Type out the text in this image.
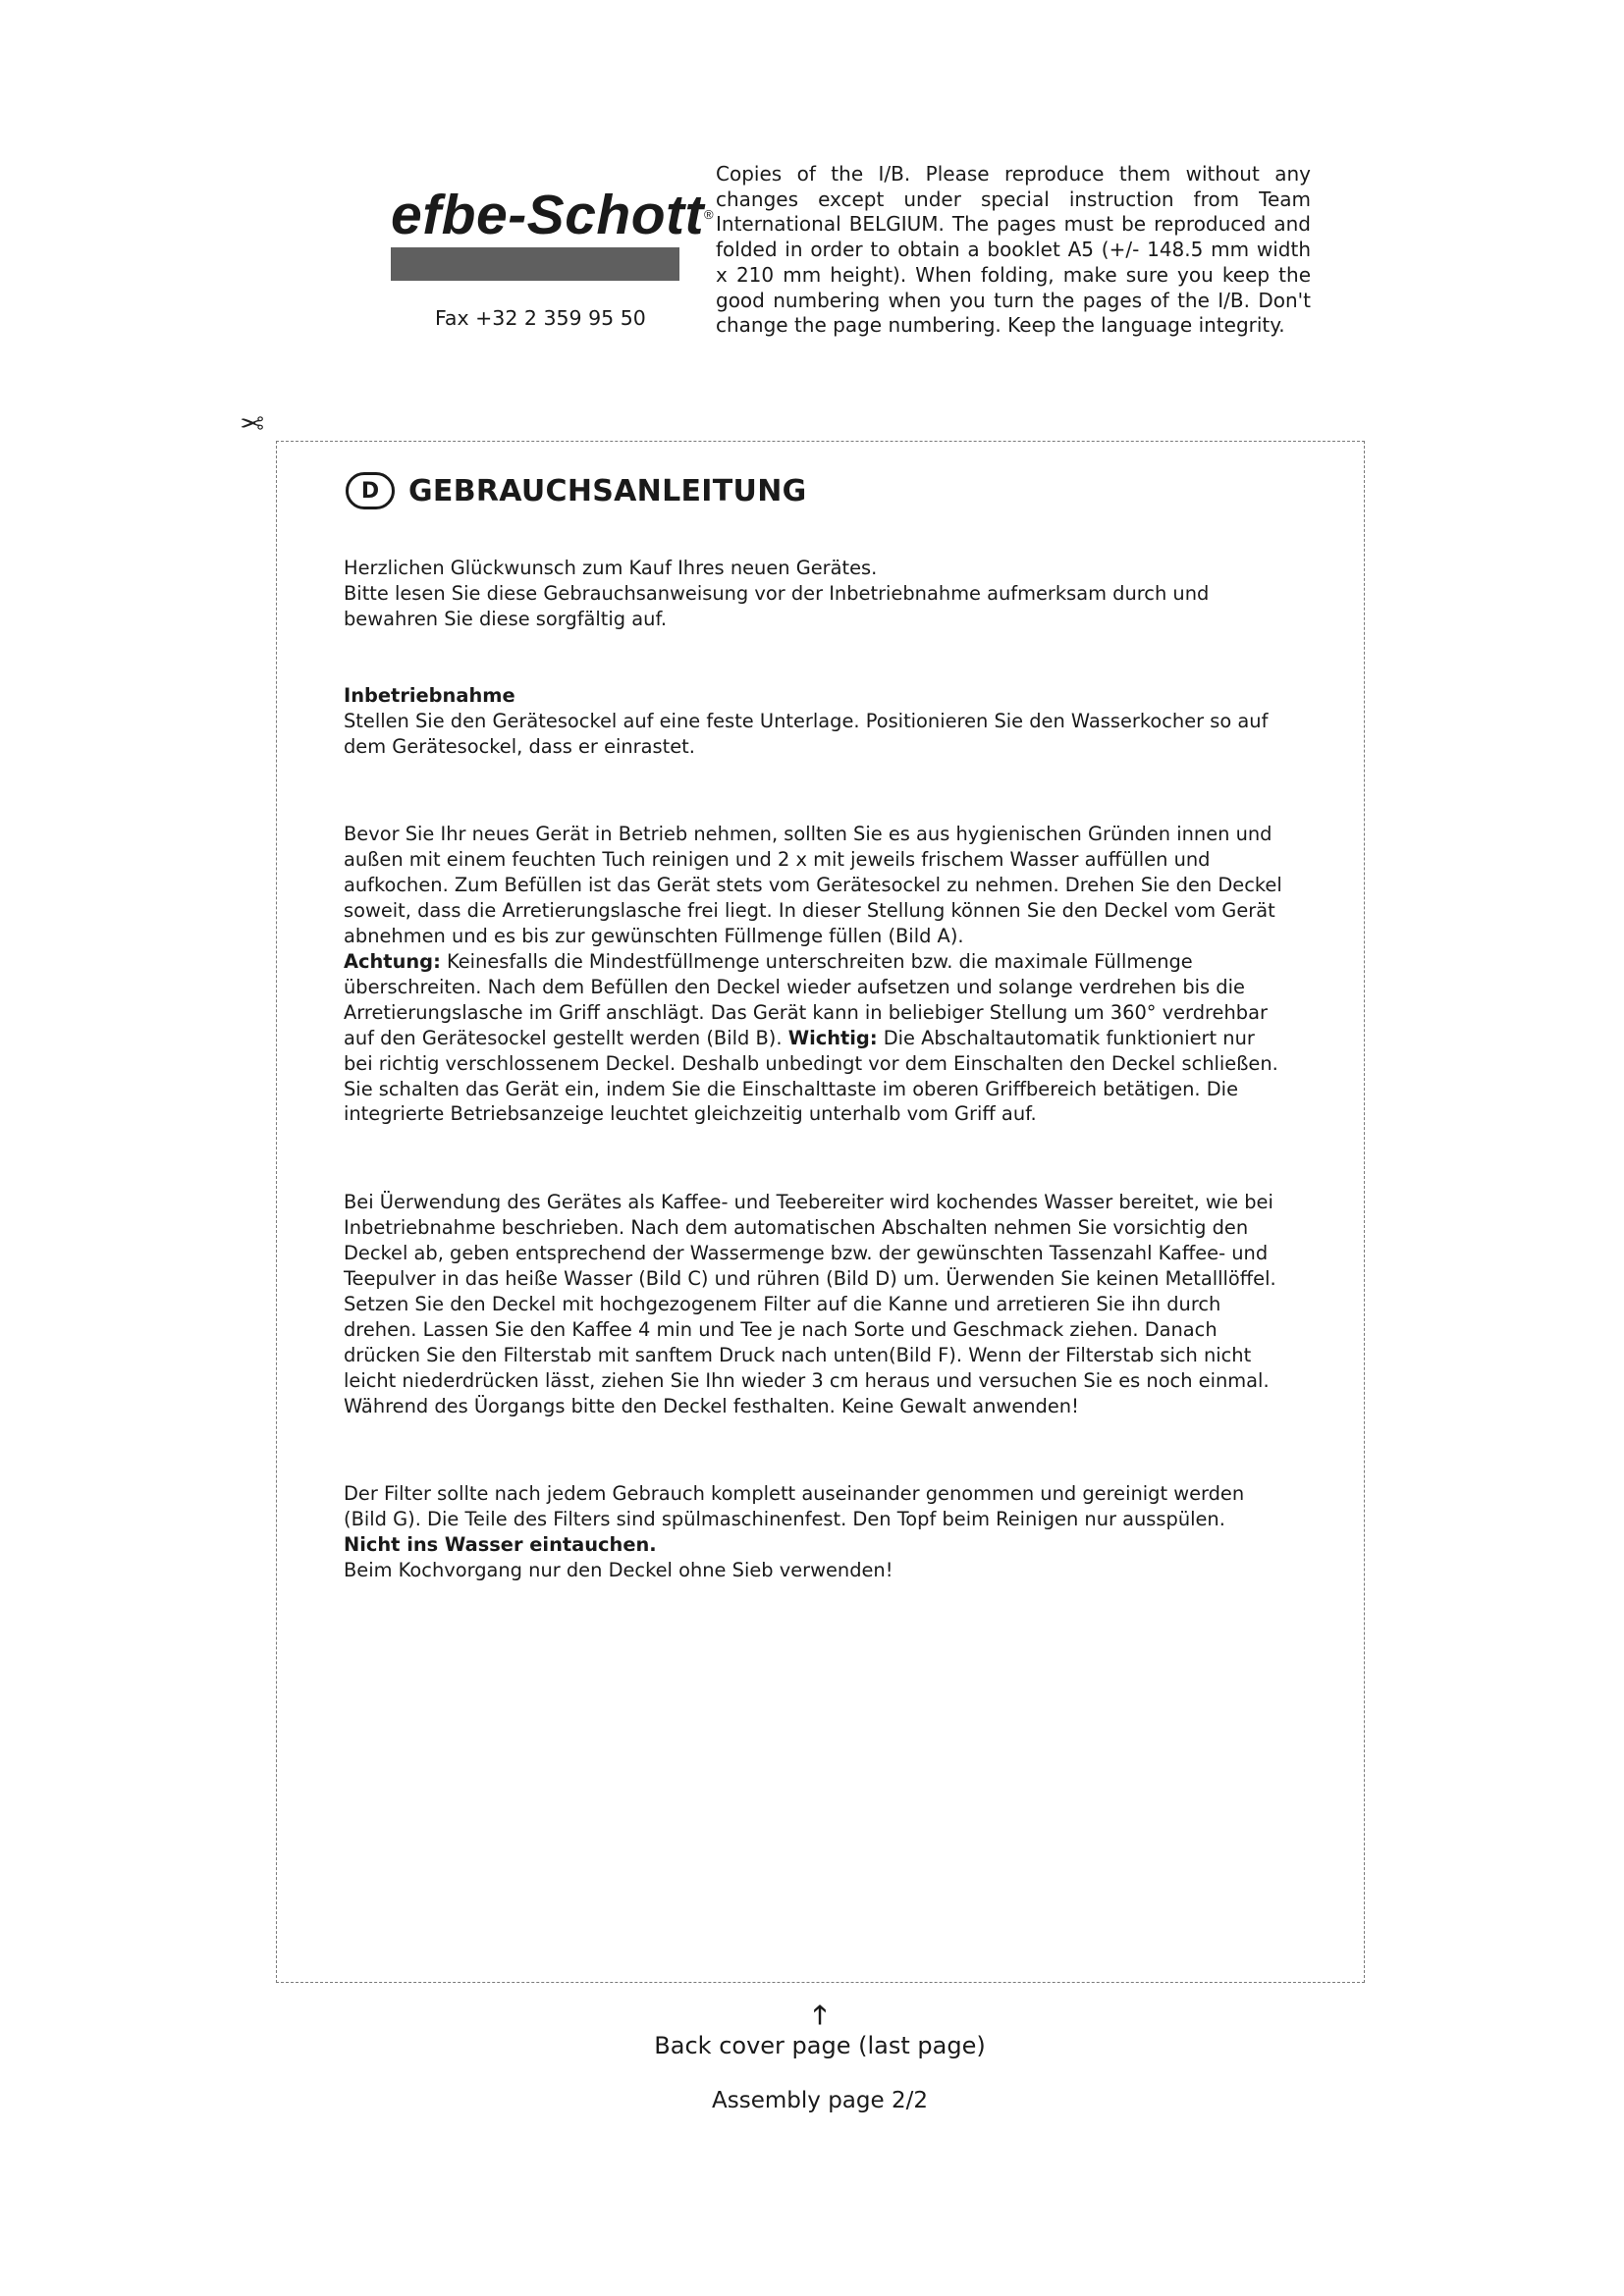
efbe-Schott®
Fax +32 2 359 95 50

Copies of the I/B. Please reproduce them without any changes except under special instruction from Team International BELGIUM. The pages must be reproduced and folded in order to obtain a booklet A5 (+/- 148.5 mm width x 210 mm height). When folding, make sure you keep the good numbering when you turn the pages of the I/B. Don't change the page numbering. Keep the language integrity.

✂
D GEBRAUCHSANLEITUNG

Herzlichen Glückwunsch zum Kauf Ihres neuen Gerätes.

Bitte lesen Sie diese Gebrauchsanweisung vor der Inbetriebnahme aufmerksam durch und bewahren Sie diese sorgfältig auf.

Inbetriebnahme

Stellen Sie den Gerätesockel auf eine feste Unterlage. Positionieren Sie den Wasserkocher so auf dem Gerätesockel, dass er einrastet.

Bevor Sie Ihr neues Gerät in Betrieb nehmen, sollten Sie es aus hygienischen Gründen innen und außen mit einem feuchten Tuch reinigen und 2 x mit jeweils frischem Wasser auffüllen und aufkochen. Zum Befüllen ist das Gerät stets vom Gerätesockel zu nehmen. Drehen Sie den Deckel soweit, dass die Arretierungslasche frei liegt. In dieser Stellung können Sie den Deckel vom Gerät abnehmen und es bis zur gewünschten Füllmenge füllen (Bild A).

Achtung: Keinesfalls die Mindestfüllmenge unterschreiten bzw. die maximale Füllmenge überschreiten. Nach dem Befüllen den Deckel wieder aufsetzen und solange verdrehen bis die Arretierungslasche im Griff anschlägt. Das Gerät kann in beliebiger Stellung um 360° verdrehbar auf den Gerätesockel gestellt werden (Bild B). Wichtig: Die Abschaltautomatik funktioniert nur bei richtig verschlossenem Deckel. Deshalb unbedingt vor dem Einschalten den Deckel schließen. Sie schalten das Gerät ein, indem Sie die Einschalttaste im oberen Griffbereich betätigen. Die

integrierte Betriebsanzeige leuchtet gleichzeitig unterhalb vom Griff auf.

Bei Üerwendung des Gerätes als Kaffee- und Teebereiter wird kochendes Wasser bereitet, wie bei Inbetriebnahme beschrieben. Nach dem automatischen Abschalten nehmen Sie vorsichtig den Deckel ab, geben entsprechend der Wassermenge bzw. der gewünschten Tassenzahl Kaffee- und Teepulver in das heiße Wasser (Bild C) und rühren (Bild D) um. Üerwenden Sie keinen Metalllöffel. Setzen Sie den Deckel mit hochgezogenem Filter auf die Kanne und arretieren Sie ihn durch drehen. Lassen Sie den Kaffee 4 min und Tee je nach Sorte und Geschmack ziehen. Danach drücken Sie den Filterstab mit sanftem Druck nach unten(Bild F). Wenn der Filterstab sich nicht leicht niederdrücken lässt, ziehen Sie Ihn wieder 3 cm heraus und versuchen Sie es noch einmal. Während des Üorgangs bitte den Deckel festhalten. Keine Gewalt anwenden!

Der Filter sollte nach jedem Gebrauch komplett auseinander genommen und gereinigt werden (Bild G). Die Teile des Filters sind spülmaschinenfest. Den Topf beim Reinigen nur ausspülen.

Nicht ins Wasser eintauchen.

Beim Kochvorgang nur den Deckel ohne Sieb verwenden!

🡑
Back cover page (last page)
Assembly page 2/2
